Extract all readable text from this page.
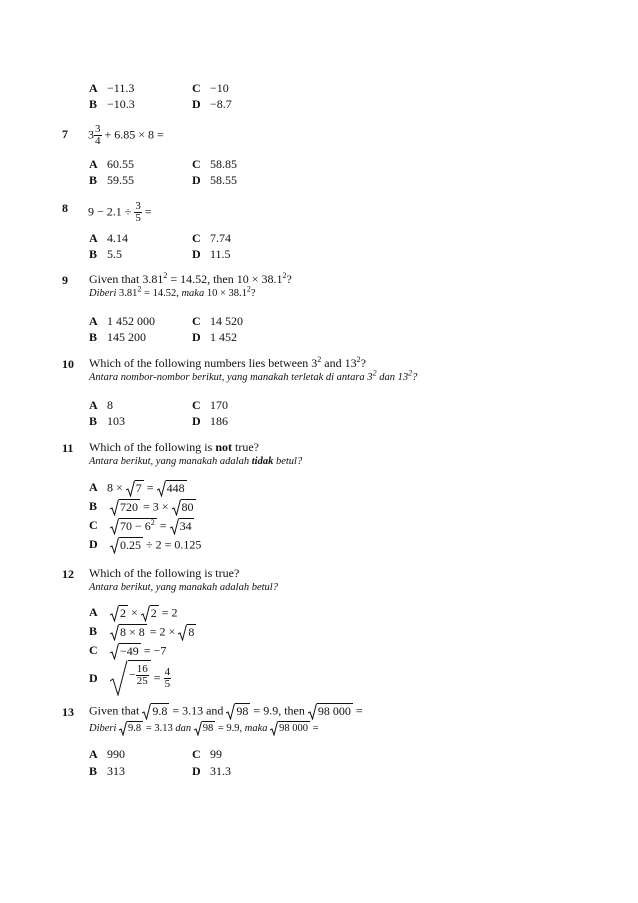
A −11.3	C −10
B −10.3	D −8.7
7 $3 \frac{3}{4} + 6.85 \times 8$ =
A 60.55	C 58.85
B 59.55	D 58.55
8 $9 - 2.1 \div \frac{3}{5}$ =
A 4.14	C 7.74
B 5.5	D 11.5
9 Given that $3.81^2 = 14.52$, then $10 \times 38.1^2$?
Diberi $3.81^2 = 14.52$, maka $10 \times 38.1^2$?
A 1 452 000	C 14 520
B 145 200	D 1 452
10 Which of the following numbers lies between $3^2$ and $13^2$?
Antara nombor-nombor berikut, yang manakah terletak di antara $3^2$ dan $13^2$?
A 8	C 170
B 103	D 186
11 Which of the following is not true?
Antara berikut, yang manakah adalah tidak betul?
A 8 × 7 = 448
B 720 = 3 × 80
C $70 - 6^2 = 34$
D 0.25 ÷ 2 = 0.125
12 Which of the following is true?
Antara berikut, yang manakah adalah betul?
A 2 × 2 = 2
B 8 × 8 = 2 × 8
C −49 = −7
D	− $\frac{16}{25} = \frac{4}{5}$
13 Given that 9.8 = 3.13 and 98 = 9.9, then 98 000 =
Diberi 9.8 = 3.13 dan 98 = 9.9, maka 98 000 =
A 990	C 99
B 313	D 31.3
